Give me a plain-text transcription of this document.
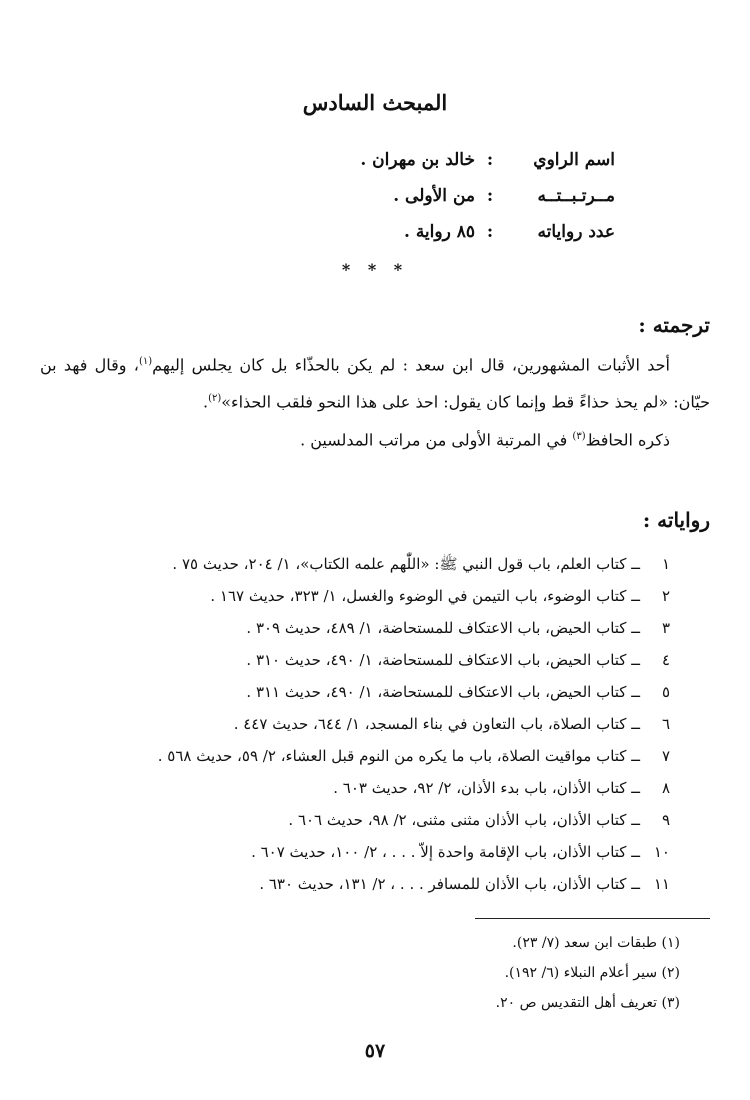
المبحث السادس
اسم الراوي
:
خالد بن مهران .
مــرتـبــتــه
:
من الأولى .
عدد رواياته
:
٨٥ رواية .
* * *
ترجمته :

أحد الأثبات المشهورين، قال ابن سعد : لم يكن بالحذّاء بل كان يجلس إليهم$^{(١)}$، وقال فهد بن حيّان: «لم يحذ حذاءً قط وإنما كان يقول: احذ على هذا النحو فلقب الحذاء»$^{(٢)}$.

ذكره الحافظ$^{(٣)}$ في المرتبة الأولى من مراتب المدلسين .

رواياته :
١
ــ كتاب العلم، باب قول النبي ﷺ: «اللّٰهم علمه الكتاب»، ١/ ٢٠٤، حديث ٧٥ .
٢
ــ كتاب الوضوء، باب التيمن في الوضوء والغسل، ١/ ٣٢٣، حديث ١٦٧ .
٣
ــ كتاب الحيض، باب الاعتكاف للمستحاضة، ١/ ٤٨٩، حديث ٣٠٩ .
٤
ــ كتاب الحيض، باب الاعتكاف للمستحاضة، ١/ ٤٩٠، حديث ٣١٠ .
٥
ــ كتاب الحيض، باب الاعتكاف للمستحاضة، ١/ ٤٩٠، حديث ٣١١ .
٦
ــ كتاب الصلاة، باب التعاون في بناء المسجد، ١/ ٦٤٤، حديث ٤٤٧ .
٧
ــ كتاب مواقيت الصلاة، باب ما يكره من النوم قبل العشاء، ٢/ ٥٩، حديث ٥٦٨ .
٨
ــ كتاب الأذان، باب بدء الأذان، ٢/ ٩٢، حديث ٦٠٣ .
٩
ــ كتاب الأذان، باب الأذان مثنى مثنى، ٢/ ٩٨، حديث ٦٠٦ .
١٠
ــ كتاب الأذان، باب الإقامة واحدة إلاّ . . . ، ٢/ ١٠٠، حديث ٦٠٧ .
١١
ــ كتاب الأذان، باب الأذان للمسافر . . . ، ٢/ ١٣١، حديث ٦٣٠ .
(١) طبقات ابن سعد (٧/ ٢٣).
(٢) سير أعلام النبلاء (٦/ ١٩٢).
(٣) تعريف أهل التقديس ص ٢٠.
٥٧
